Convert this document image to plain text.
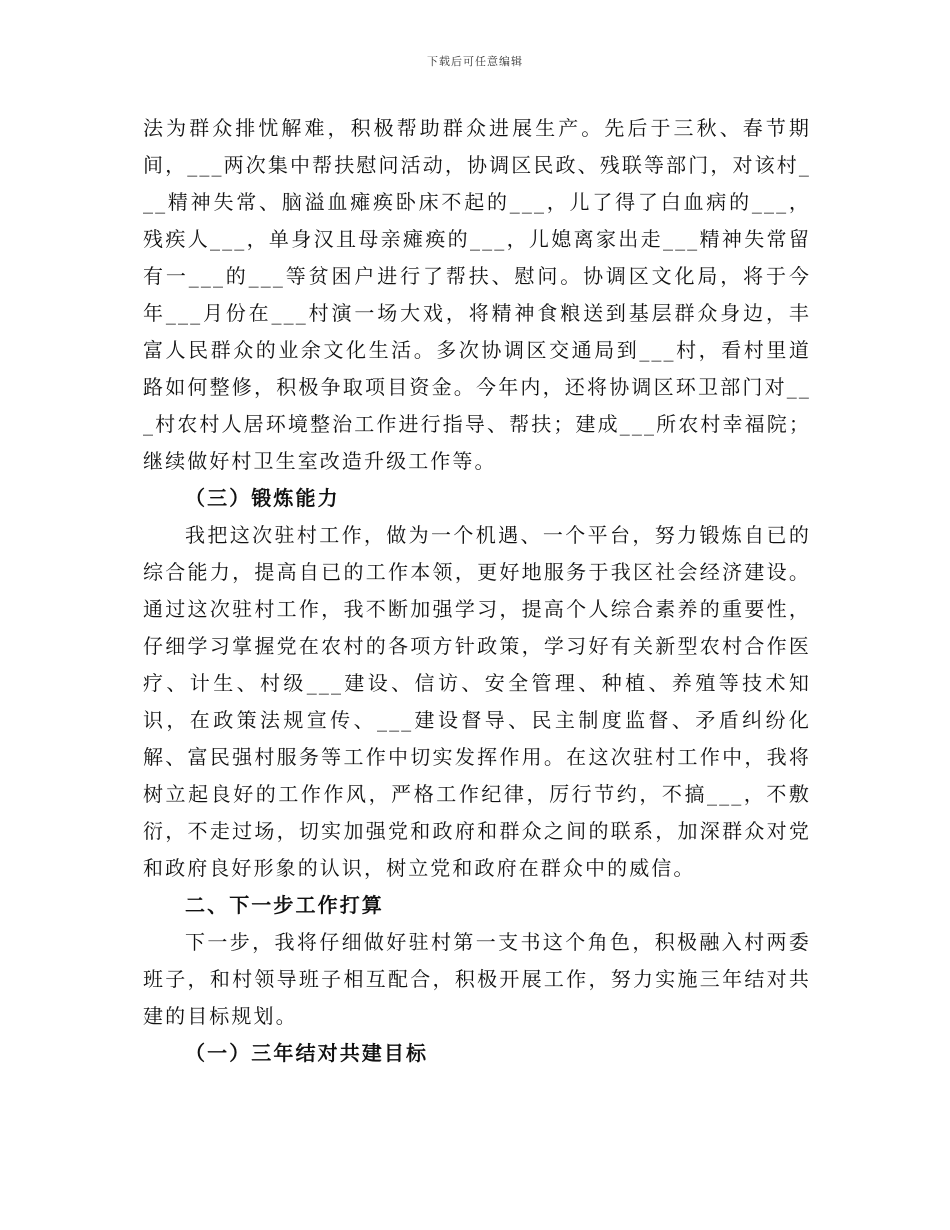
下载后可任意编辑

法为群众排忧解难，积极帮助群众进展生产。先后于三秋、春节期间，___两次集中帮扶慰问活动，协调区民政、残联等部门，对该村___精神失常、脑溢血瘫痪卧床不起的___，儿了得了白血病的___，残疾人___，单身汉且母亲瘫痪的___，儿媳离家出走___精神失常留有一___的___等贫困户进行了帮扶、慰问。协调区文化局，将于今年___月份在___村演一场大戏，将精神食粮送到基层群众身边，丰富人民群众的业余文化生活。多次协调区交通局到___村，看村里道路如何整修，积极争取项目资金。今年内，还将协调区环卫部门对___村农村人居环境整治工作进行指导、帮扶；建成___所农村幸福院；继续做好村卫生室改造升级工作等。

（三）锻炼能力

我把这次驻村工作，做为一个机遇、一个平台，努力锻炼自已的综合能力，提高自已的工作本领，更好地服务于我区社会经济建设。通过这次驻村工作，我不断加强学习，提高个人综合素养的重要性，仔细学习掌握党在农村的各项方针政策，学习好有关新型农村合作医疗、计生、村级___建设、信访、安全管理、种植、养殖等技术知识，在政策法规宣传、___建设督导、民主制度监督、矛盾纠纷化解、富民强村服务等工作中切实发挥作用。在这次驻村工作中，我将树立起良好的工作作风，严格工作纪律，厉行节约，不搞___，不敷衍，不走过场，切实加强党和政府和群众之间的联系，加深群众对党和政府良好形象的认识，树立党和政府在群众中的威信。

二、下一步工作打算

下一步，我将仔细做好驻村第一支书这个角色，积极融入村两委班子，和村领导班子相互配合，积极开展工作，努力实施三年结对共建的目标规划。

（一）三年结对共建目标
